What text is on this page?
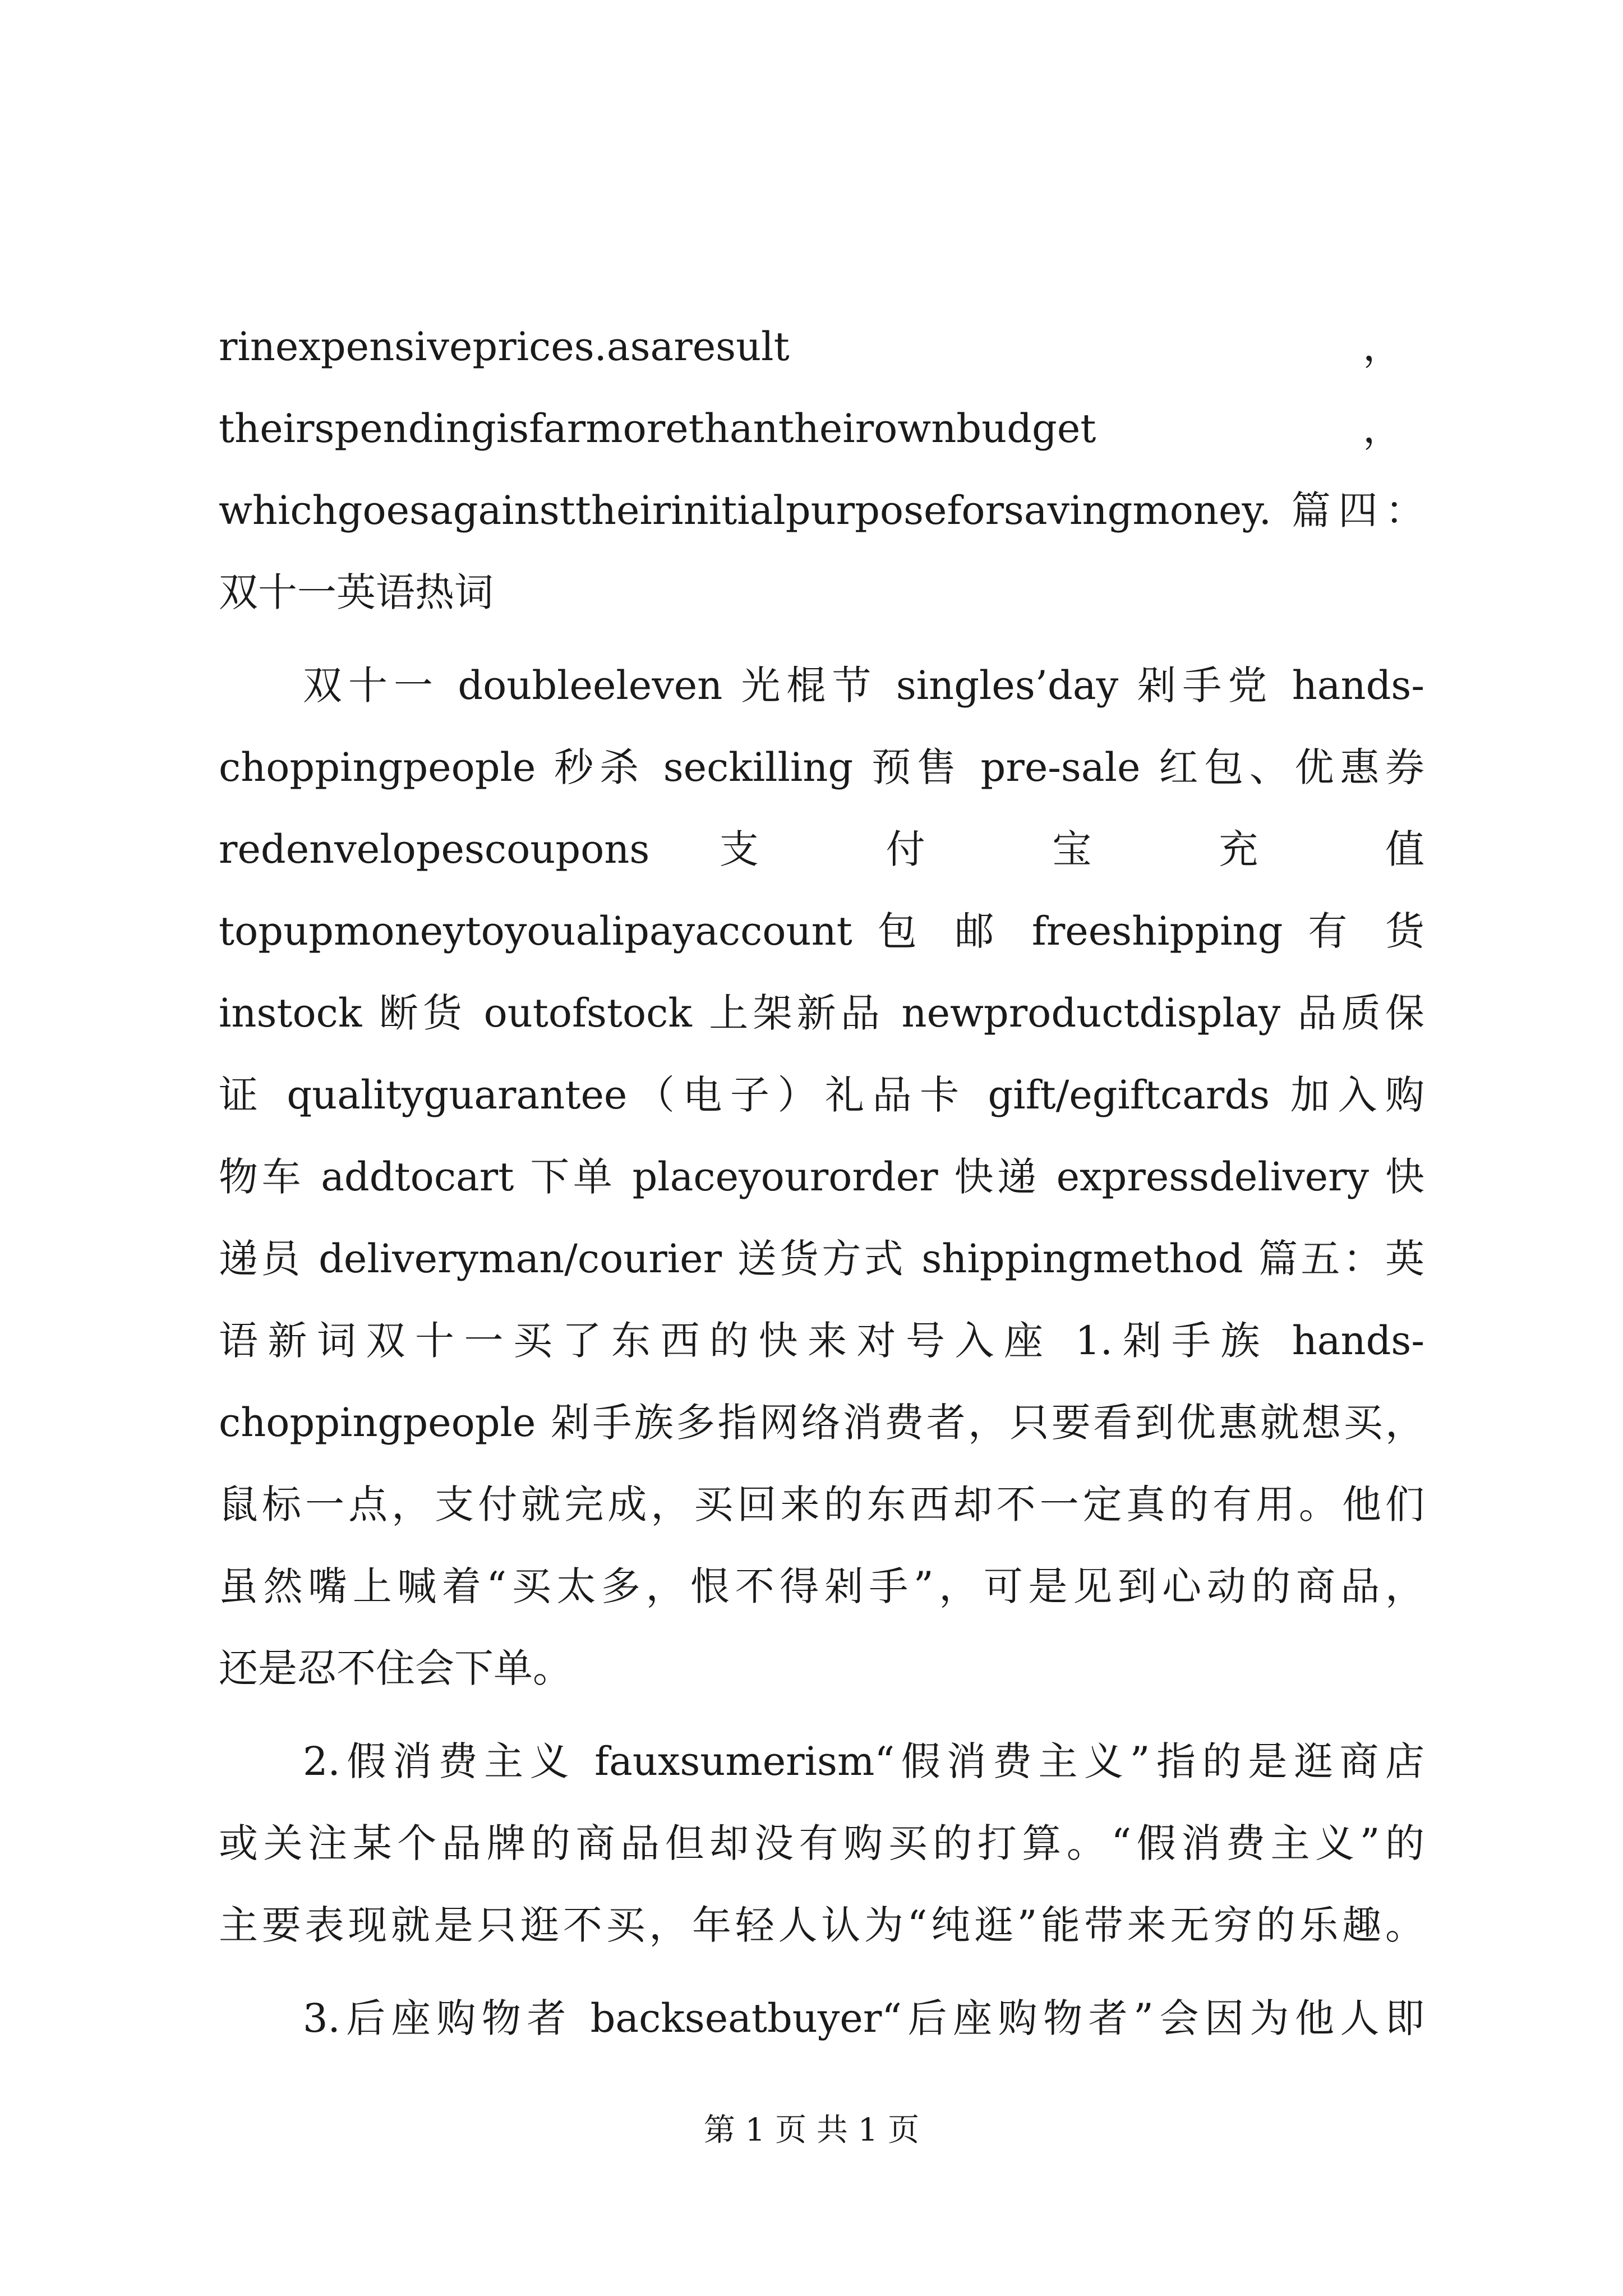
rinexpensiveprices.asaresult	，
theirspendingisfarmorethantheirownbudget	，
whichgoesagainsttheirinitialpurposeforsavingmoney. 篇四：
双十一英语热词
双十一 doubleeleven 光棍节 singles’day 剁手党 hands-
choppingpeople 秒杀 seckilling 预售 pre-sale 红包、优惠券
redenvelopescoupons 支 付 宝 充 值
topupmoneytoyoualipayaccount 包 邮 freeshipping 有 货
instock 断货 outofstock 上架新品 newproductdisplay 品质保
证 qualityguarantee（电子）礼品卡 gift/egiftcards 加入购
物车 addtocart 下单 placeyourorder 快递 expressdelivery 快
递员 deliveryman/courier 送货方式 shippingmethod 篇五：英
语新词双十一买了东西的快来对号入座 1.剁手族 hands-
choppingpeople 剁手族多指网络消费者，只要看到优惠就想买，
鼠标一点，支付就完成，买回来的东西却不一定真的有用。他们
虽然嘴上喊着“买太多，恨不得剁手”，可是见到心动的商品，
还是忍不住会下单。
2.假消费主义 fauxsumerism“假消费主义”指的是逛商店
或关注某个品牌的商品但却没有购买的打算。“假消费主义”的
主要表现就是只逛不买，年轻人认为“纯逛”能带来无穷的乐趣。
3.后座购物者 backseatbuyer“后座购物者”会因为他人即
第 1 页 共 1 页
